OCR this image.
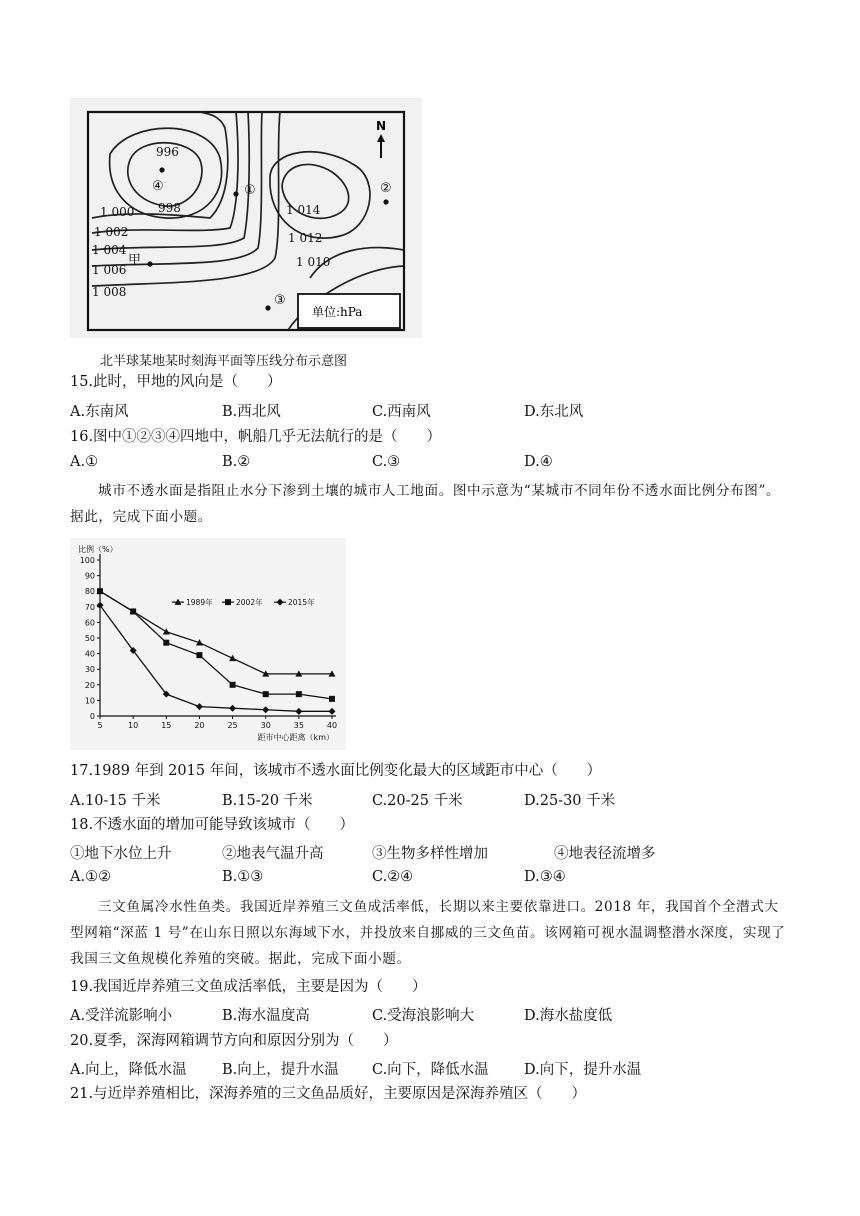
单位:hPa
N
996
998
1 000
1 002
1 004
1 006
1 008
1 010
1 012
1 014
④	①	②
③
甲
北半球某地某时刻海平面等压线分布示意图
15.此时，甲地的风向是（　　）
A.东南风	B.西北风	C.西南风	D.东北风
16.图中①②③④四地中，帆船几乎无法航行的是（　　）
A.①	B.②	C.③	D.④
城市不透水面是指阻止水分下渗到土壤的城市人工地面。图中示意为“某城市不同年份不透水面比例分布图”。据此，完成下面小题。
0
10
20
30
40
50
60
70
80
90
100
5	10	15	20	25	30	35	40
比例（%）
距市中心距离（km）
1989年	2002年	2015年
17.1989 年到 2015 年间，该城市不透水面比例变化最大的区域距市中心（　　）
A.10-15 千米	B.15-20 千米	C.20-25 千米	D.25-30 千米
18.不透水面的增加可能导致该城市（　　）
①地下水位上升	②地表气温升高	③生物多样性增加	④地表径流增多
A.①②	B.①③	C.②④	D.③④
三文鱼属冷水性鱼类。我国近岸养殖三文鱼成活率低，长期以来主要依靠进口。2018 年，我国首个全潜式大型网箱“深蓝 1 号”在山东日照以东海域下水，并投放来自挪威的三文鱼苗。该网箱可视水温调整潜水深度，实现了我国三文鱼规模化养殖的突破。据此，完成下面小题。
19.我国近岸养殖三文鱼成活率低，主要是因为（　　）
A.受洋流影响小	B.海水温度高	C.受海浪影响大	D.海水盐度低
20.夏季，深海网箱调节方向和原因分别为（　　）
A.向上，降低水温 B.向上，提升水温 C.向下，降低水温 D.向下，提升水温
21.与近岸养殖相比，深海养殖的三文鱼品质好，主要原因是深海养殖区（　　）
